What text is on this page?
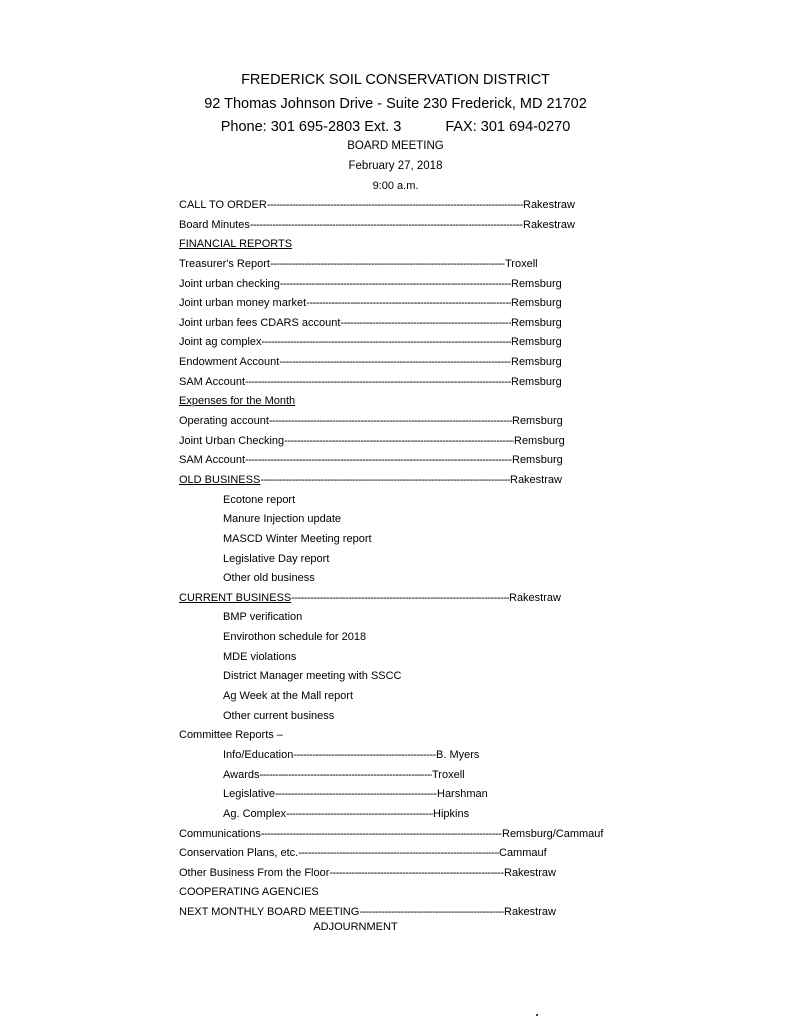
FREDERICK SOIL CONSERVATION DISTRICT
92 Thomas Johnson Drive - Suite 230 Frederick, MD 21702
Phone: 301 695-2803 Ext. 3	FAX: 301 694-0270
BOARD MEETING
February 27, 2018
9:00 a.m.
CALL TO ORDER -----	Rakestraw
Board Minutes -----	Rakestraw
FINANCIAL REPORTS
Treasurer's Report -----	Troxell
Joint urban checking -----	Remsburg
Joint urban money market -----	Remsburg
Joint urban fees CDARS account -----	Remsburg
Joint ag complex -----	Remsburg
Endowment Account -----	Remsburg
SAM Account -----	Remsburg
Expenses for the Month
Operating account -----	Remsburg
Joint Urban Checking -----	Remsburg
SAM Account -----	Remsburg
OLD BUSINESS -----	Rakestraw
Ecotone report
Manure Injection update
MASCD Winter Meeting report
Legislative Day report
Other old business
CURRENT BUSINESS -----	Rakestraw
BMP verification
Envirothon schedule for 2018
MDE violations
District Manager meeting with SSCC
Ag Week at the Mall report
Other current business
Committee Reports –
Info/Education -----	B. Myers
Awards -----	Troxell
Legislative -----	Harshman
Ag. Complex -----	Hipkins
Communications -----	Remsburg/Cammauf
Conservation Plans, etc. -----	Cammauf
Other Business From the Floor -----	Rakestraw
COOPERATING AGENCIES
NEXT MONTHLY BOARD MEETING -----	Rakestraw
ADJOURNMENT
